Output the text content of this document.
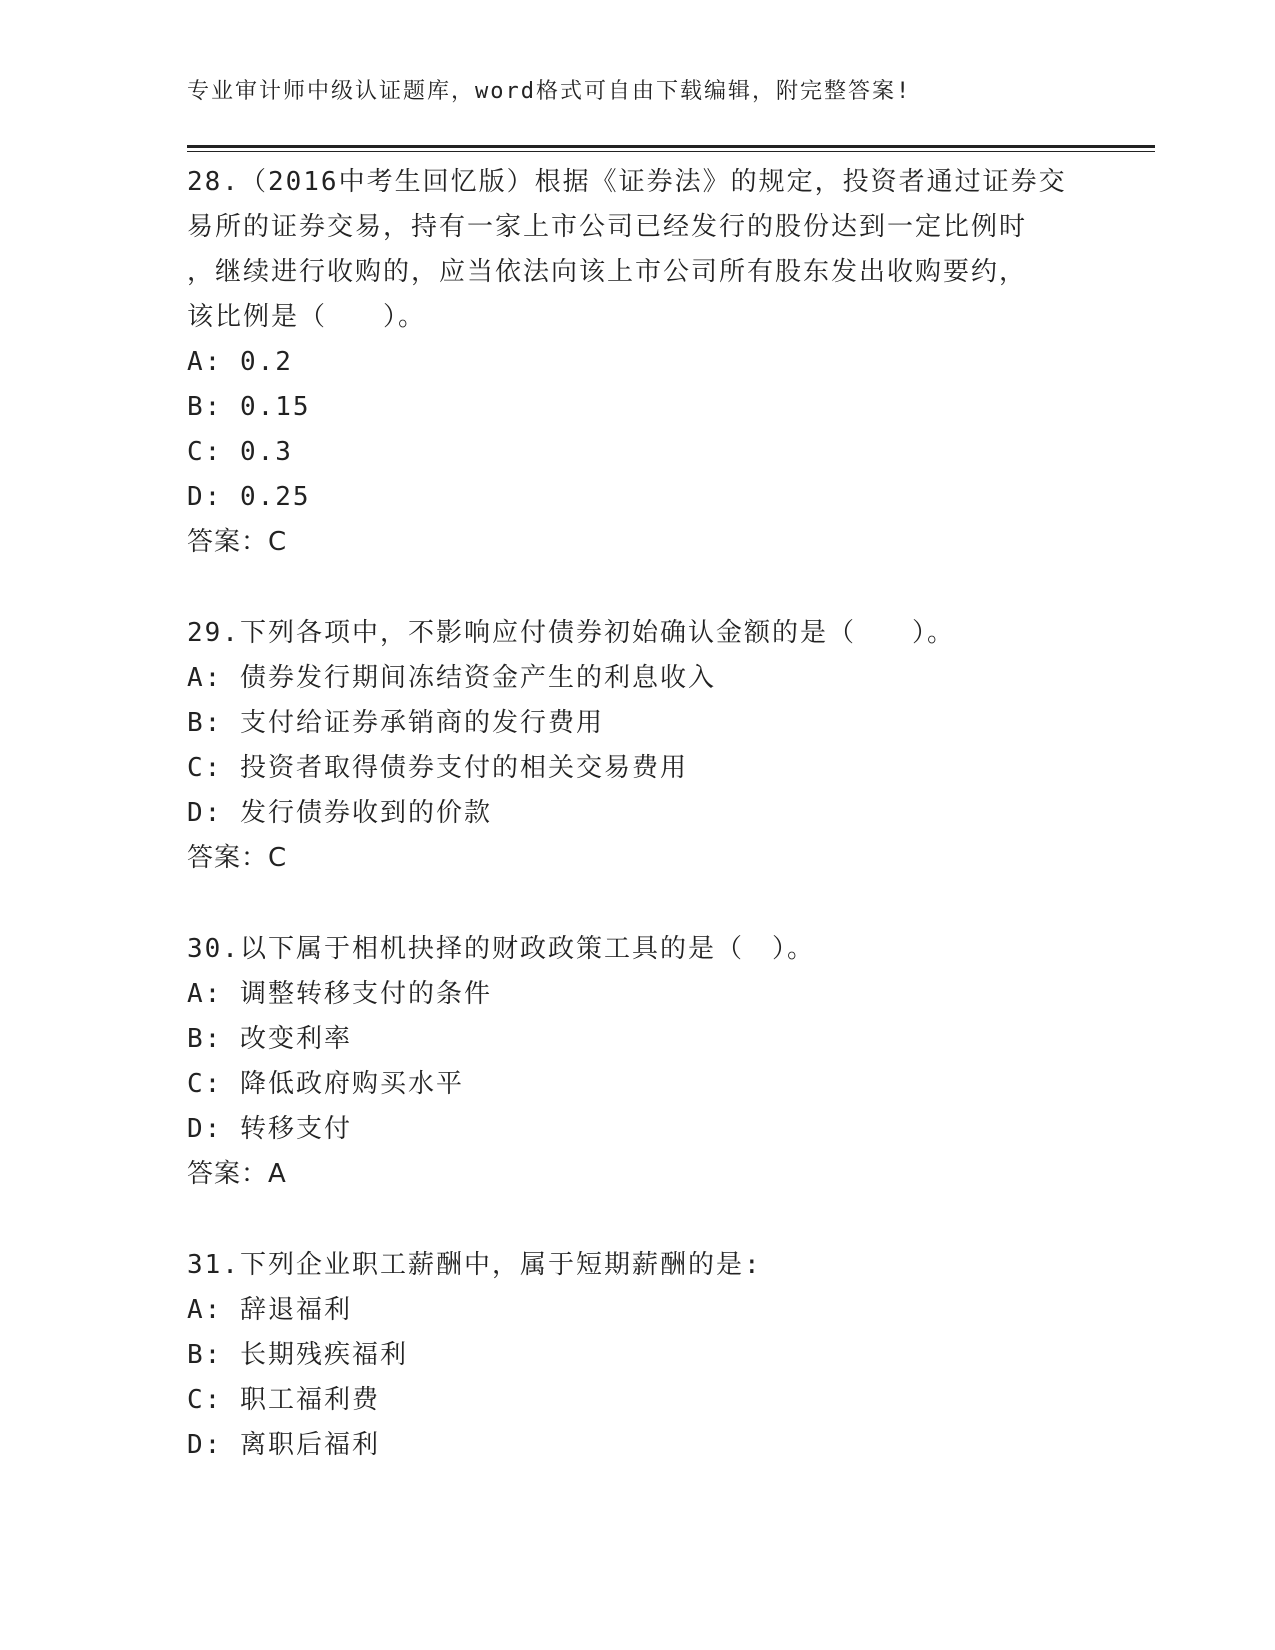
专业审计师中级认证题库，word格式可自由下载编辑，附完整答案!
28.（2016中考生回忆版）根据《证券法》的规定，投资者通过证券交
易所的证券交易，持有一家上市公司已经发行的股份达到一定比例时
，继续进行收购的，应当依法向该上市公司所有股东发出收购要约，
该比例是（　　）。
A: 0.2
B: 0.15
C: 0.3
D: 0.25
答案：C
29.下列各项中，不影响应付债券初始确认金额的是（　　）。
A: 债券发行期间冻结资金产生的利息收入
B: 支付给证券承销商的发行费用
C: 投资者取得债券支付的相关交易费用
D: 发行债券收到的价款
答案：C
30.以下属于相机抉择的财政政策工具的是（　）。
A: 调整转移支付的条件
B: 改变利率
C: 降低政府购买水平
D: 转移支付
答案：A
31.下列企业职工薪酬中，属于短期薪酬的是:
A: 辞退福利
B: 长期残疾福利
C: 职工福利费
D: 离职后福利
